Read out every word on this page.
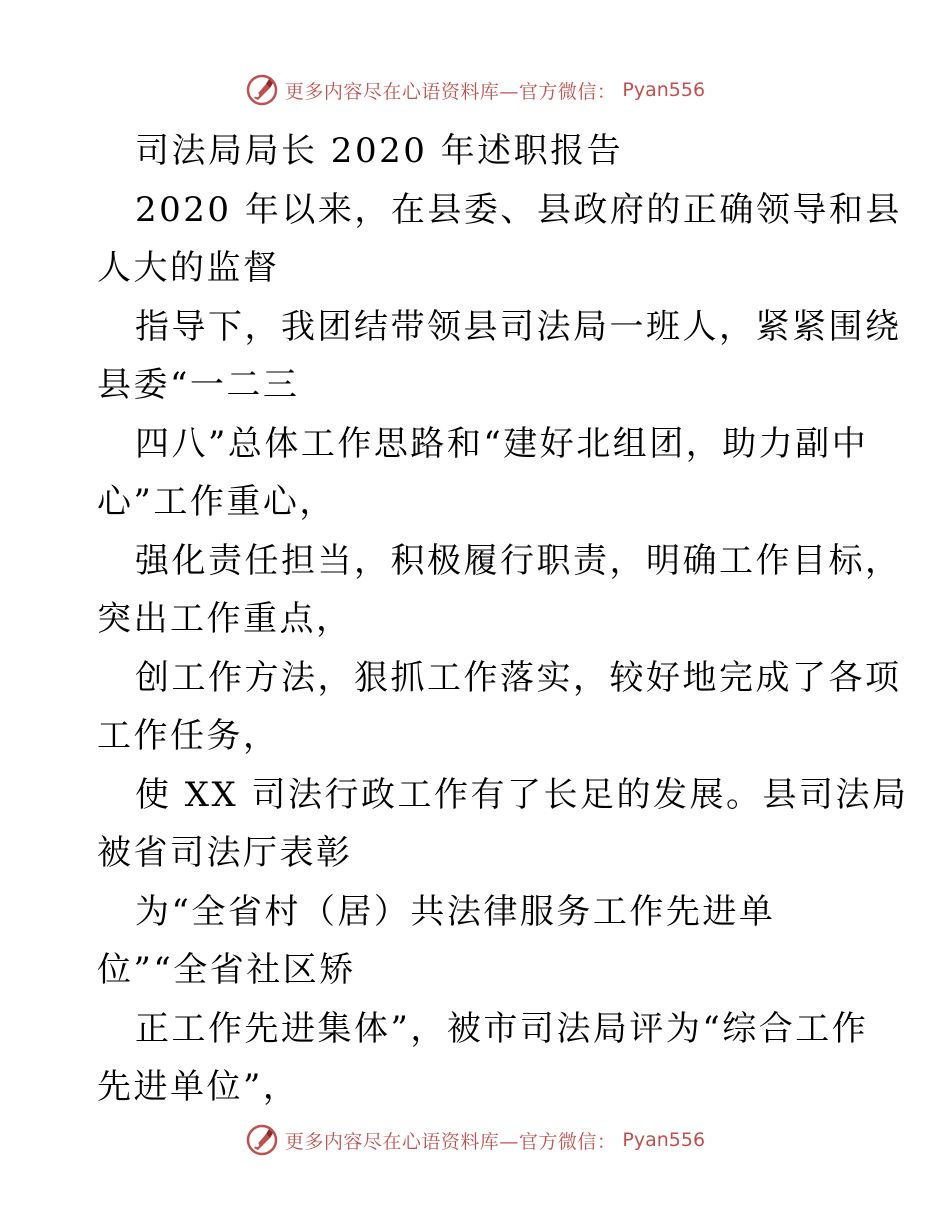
更多内容尽在心语资料库—官方微信： Pyan556
司法局局长 2020 年述职报告
2020 年以来，在县委、县政府的正确领导和县
人大的监督
指导下，我团结带领县司法局一班人，紧紧围绕
县委“一二三
四八”总体工作思路和“建好北组团，助力副中
心”工作重心，
强化责任担当，积极履行职责，明确工作目标，
突出工作重点，
创工作方法，狠抓工作落实，较好地完成了各项
工作任务，
使 XX 司法行政工作有了长足的发展。县司法局
被省司法厅表彰
为“全省村（居）共法律服务工作先进单
位”“全省社区矫
正工作先进集体”，被市司法局评为“综合工作
先进单位”，
更多内容尽在心语资料库—官方微信： Pyan556
